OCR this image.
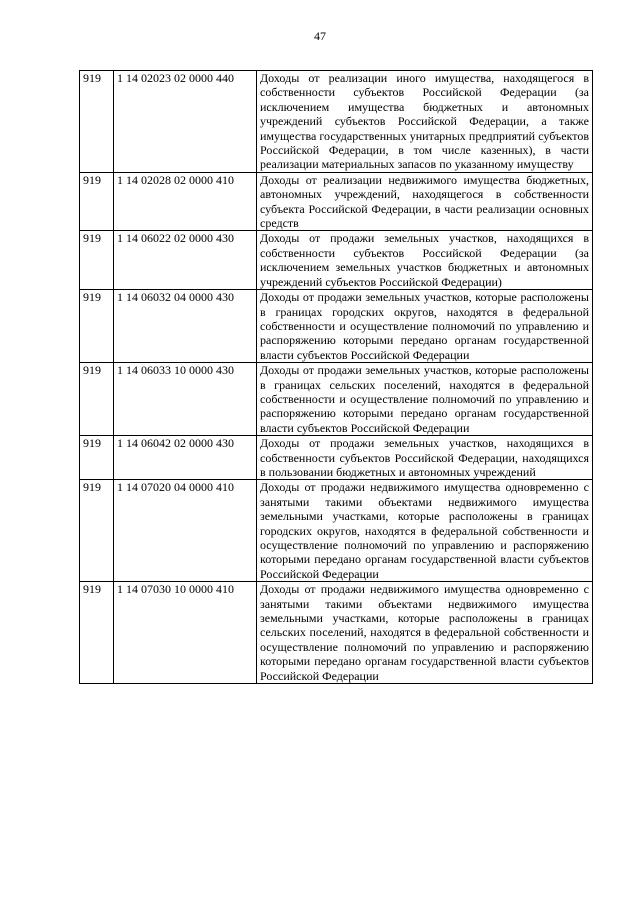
47
919	1 14 02023 02 0000 440	Доходы от реализации иного имущества, находящегося в собственности субъектов Российской Федерации (за исключением имущества бюджетных и автономных учреждений субъектов Российской Федерации, а также имущества государственных унитарных предприятий субъектов Российской Федерации, в том числе казенных), в части реализации материальных запасов по указанному имуществу
919	1 14 02028 02 0000 410	Доходы от реализации недвижимого имущества бюджетных, автономных учреждений, находящегося в собственности субъекта Российской Федерации, в части реализации основных средств
919	1 14 06022 02 0000 430	Доходы от продажи земельных участков, находящихся в собственности субъектов Российской Федерации (за исключением земельных участков бюджетных и автономных учреждений субъектов Российской Федерации)
919	1 14 06032 04 0000 430	Доходы от продажи земельных участков, которые расположены в границах городских округов, находятся в федеральной собственности и осуществление полномочий по управлению и распоряжению которыми передано органам государственной власти субъектов Российской Федерации
919	1 14 06033 10 0000 430	Доходы от продажи земельных участков, которые расположены в границах сельских поселений, находятся в федеральной собственности и осуществление полномочий по управлению и распоряжению которыми передано органам государственной власти субъектов Российской Федерации
919	1 14 06042 02 0000 430	Доходы от продажи земельных участков, находящихся в собственности субъектов Российской Федерации, находящихся в пользовании бюджетных и автономных учреждений
919	1 14 07020 04 0000 410	Доходы от продажи недвижимого имущества одновременно с занятыми такими объектами недвижимого имущества земельными участками, которые расположены в границах городских округов, находятся в федеральной собственности и осуществление полномочий по управлению и распоряжению которыми передано органам государственной власти субъектов Российской Федерации
919	1 14 07030 10 0000 410	Доходы от продажи недвижимого имущества одновременно с занятыми такими объектами недвижимого имущества земельными участками, которые расположены в границах сельских поселений, находятся в федеральной собственности и осуществление полномочий по управлению и распоряжению которыми передано органам государственной власти субъектов Российской Федерации
